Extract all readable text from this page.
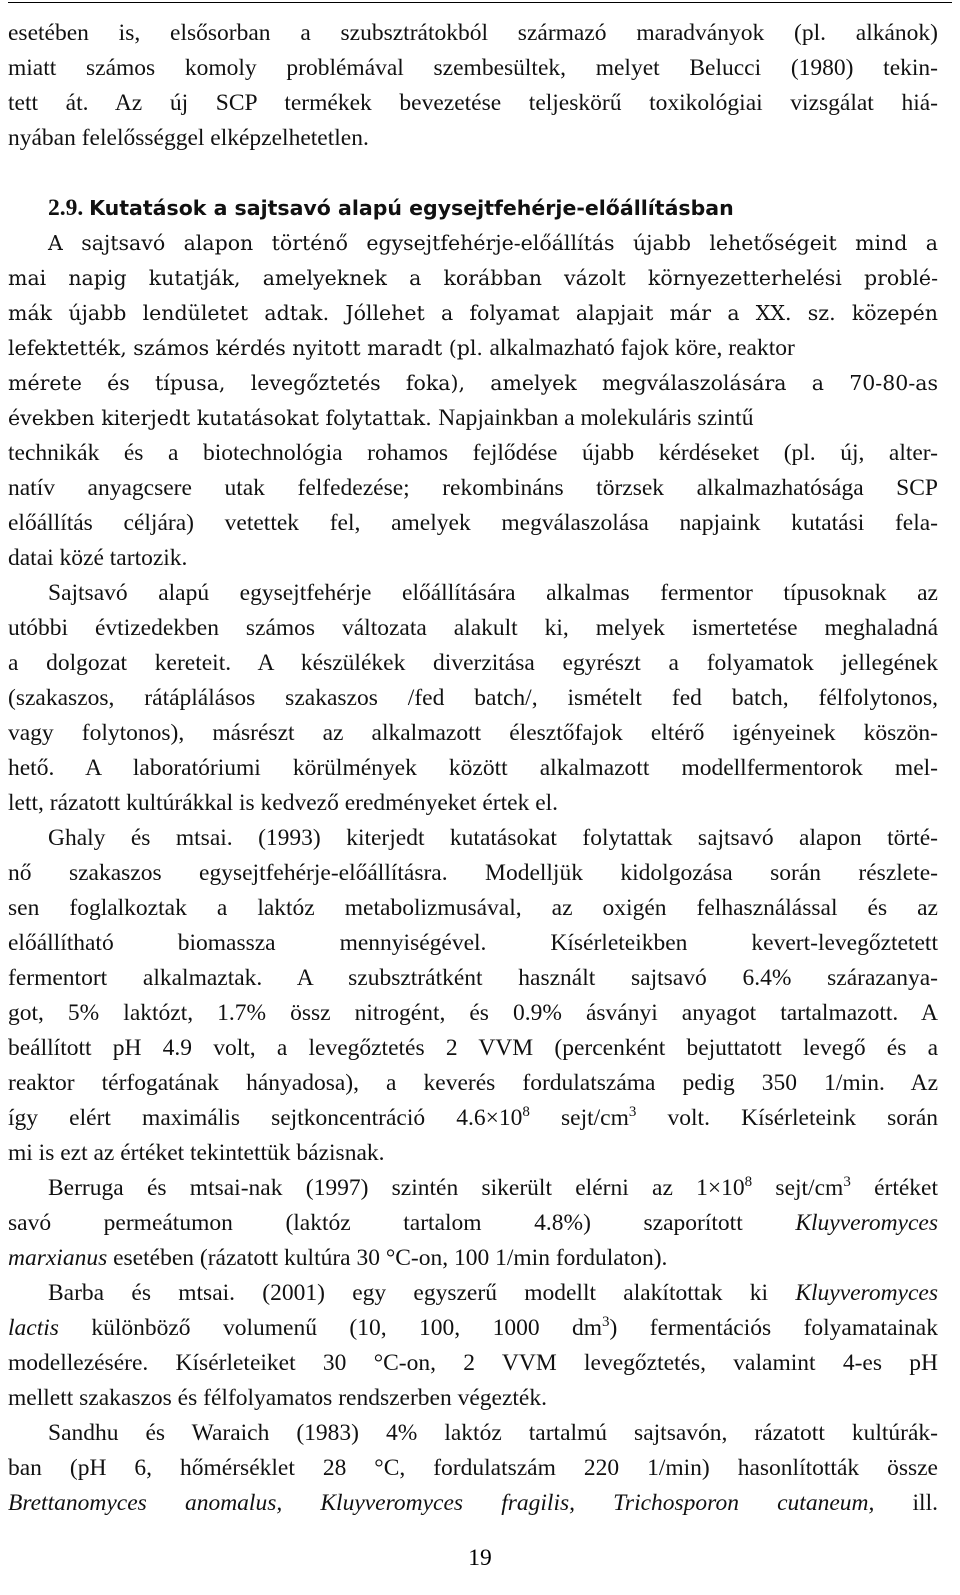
esetében is, elsősorban a szubsztrátokból származó maradványok (pl. alkánok)
miatt számos komoly problémával szembesültek, melyet Belucci (1980) tekin-
tett át. Az új SCP termékek bevezetése teljeskörű toxikológiai vizsgálat hiá-
nyában felelősséggel elképzelhetetlen.
2.9. Kutatások a sajtsavó alapú egysejtfehérje-előállításban
A sajtsavó alapon történő egysejtfehérje-előállítás újabb lehetőségeit mind a
mai napig kutatják, amelyeknek a korábban vázolt környezetterhelési problé-
mák újabb lendületet adtak. Jóllehet a folyamat alapjait már a XX. sz. közepén
lefektették, számos kérdés nyitott maradt (pl. alkalmazható fajok köre, reaktor
mérete és típusa, levegőztetés foka), amelyek megválaszolására a 70-80-as
években kiterjedt kutatásokat folytattak. Napjainkban a molekuláris szintű
technikák és a biotechnológia rohamos fejlődése újabb kérdéseket (pl. új, alter-
natív anyagcsere utak felfedezése; rekombináns törzsek alkalmazhatósága SCP
előállítás céljára) vetettek fel, amelyek megválaszolása napjaink kutatási fela-
datai közé tartozik.
Sajtsavó alapú egysejtfehérje előállítására alkalmas fermentor típusoknak az
utóbbi évtizedekben számos változata alakult ki, melyek ismertetése meghaladná
a dolgozat kereteit. A készülékek diverzitása egyrészt a folyamatok jellegének
(szakaszos, rátáplálásos szakaszos /fed batch/, ismételt fed batch, félfolytonos,
vagy folytonos), másrészt az alkalmazott élesztőfajok eltérő igényeinek köszön-
hető. A laboratóriumi körülmények között alkalmazott modellfermentorok mel-
lett, rázatott kultúrákkal is kedvező eredményeket értek el.
Ghaly és mtsai. (1993) kiterjedt kutatásokat folytattak sajtsavó alapon törté-
nő szakaszos egysejtfehérje-előállításra. Modelljük kidolgozása során részlete-
sen foglalkoztak a laktóz metabolizmusával, az oxigén felhasználással és az
előállítható biomassza mennyiségével. Kísérleteikben kevert-levegőztetett
fermentort alkalmaztak. A szubsztrátként használt sajtsavó 6.4% szárazanya-
got, 5% laktózt, 1.7% össz nitrogént, és 0.9% ásványi anyagot tartalmazott. A
beállított pH 4.9 volt, a levegőztetés 2 VVM (percenként bejuttatott levegő és a
reaktor térfogatának hányadosa), a keverés fordulatszáma pedig 350 1/min. Az
így elért maximális sejtkoncentráció $4.6\times 10^8$ sejt/$cm^3$ volt. Kísérleteink során
mi is ezt az értéket tekintettük bázisnak.
Berruga és mtsai-nak (1997) szintén sikerült elérni az $1\times 10^8$ sejt/$cm^3$ értéket
savó permeátumon (laktóz tartalom 4.8%) szaporított Kluyveromyces
marxianus esetében (rázatott kultúra 30 °C-on, 100 1/min fordulaton).
Barba és mtsai. (2001) egy egyszerű modellt alakítottak ki Kluyveromyces
lactis különböző volumenű (10, 100, 1000 $dm^3$) fermentációs folyamatainak
modellezésére. Kísérleteiket 30 °C-on, 2 VVM levegőztetés, valamint 4-es pH
mellett szakaszos és félfolyamatos rendszerben végezték.
Sandhu és Waraich (1983) 4% laktóz tartalmú sajtsavón, rázatott kultúrák-
ban (pH 6, hőmérséklet 28 °C, fordulatszám 220 1/min) hasonlították össze
Brettanomyces anomalus, Kluyveromyces fragilis, Trichosporon cutaneum, ill.
19
